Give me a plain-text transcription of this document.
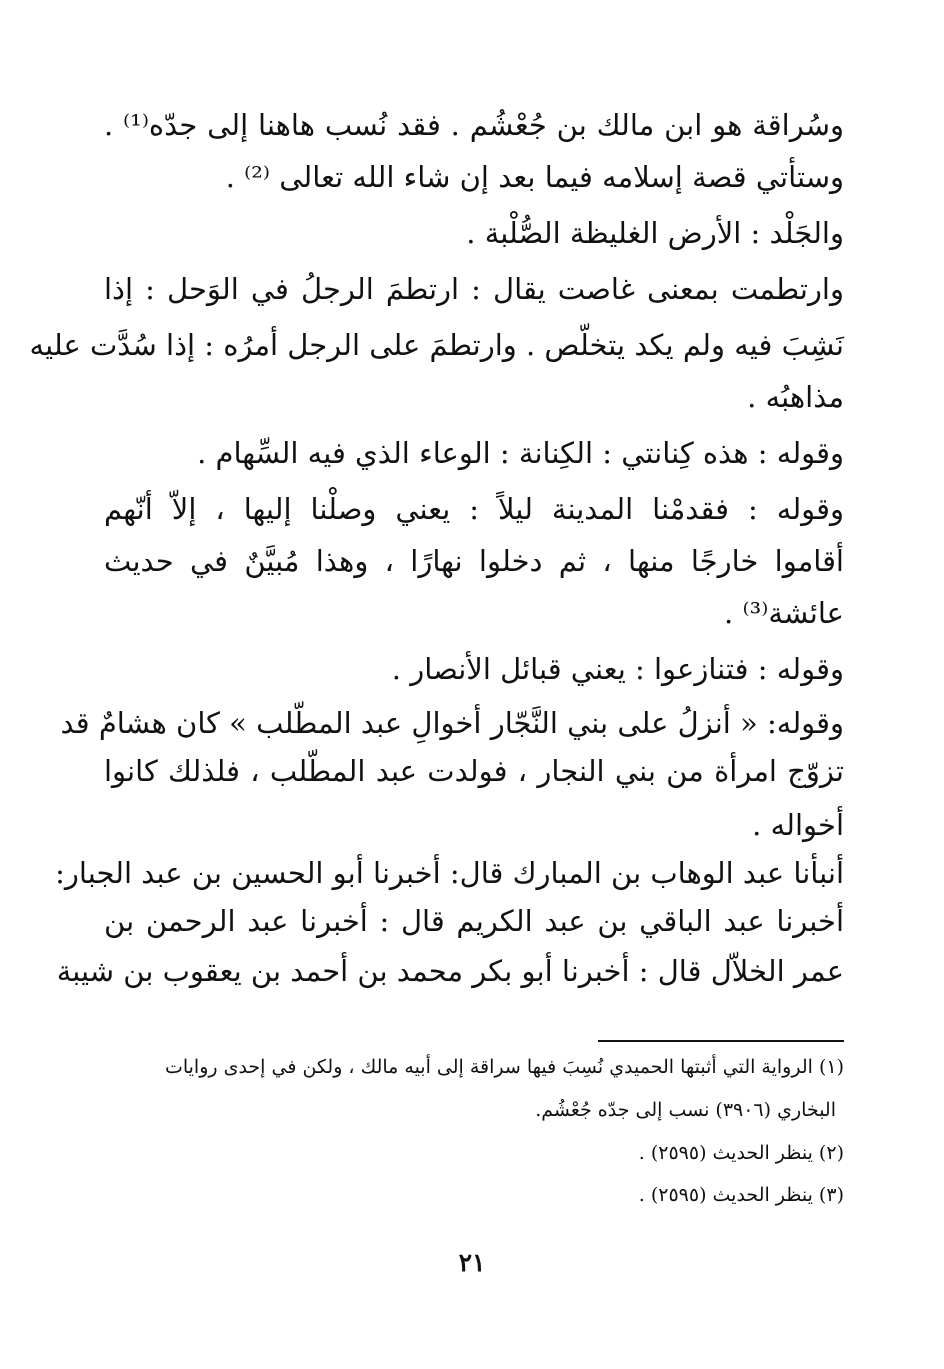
وسُراقة هو ابن مالك بن جُعْشُم . فقد نُسب هاهنا إلى جدّه⁽¹⁾ .
وستأتي قصة إسلامه فيما بعد إن شاء الله تعالى ⁽²⁾ .
والجَلْد : الأرض الغليظة الصُّلْبة .
وارتطمت بمعنى غاصت يقال : ارتطمَ الرجلُ في الوَحل : إذا
نَشِبَ فيه ولم يكد يتخلّص . وارتطمَ على الرجل أمرُه : إذا سُدَّت عليه
مذاهبُه .
وقوله : هذه كِنانتي : الكِنانة : الوعاء الذي فيه السِّهام .
وقوله : فقدمْنا المدينة ليلاً : يعني وصلْنا إليها ، إلاّ أنّهم
أقاموا خارجًا منها ، ثم دخلوا نهارًا ، وهذا مُبيَّنٌ في حديث
عائشة⁽³⁾ .
وقوله : فتنازعوا : يعني قبائل الأنصار .
وقوله: « أنزلُ على بني النَّجّار أخوالِ عبد المطّلب » كان هشامٌ قد
تزوّج امرأة من بني النجار ، فولدت عبد المطّلب ، فلذلك كانوا
أخواله .
أنبأنا عبد الوهاب بن المبارك قال: أخبرنا أبو الحسين بن عبد الجبار:
أخبرنا عبد الباقي بن عبد الكريم قال : أخبرنا عبد الرحمن بن
عمر الخلاّل قال : أخبرنا أبو بكر محمد بن أحمد بن يعقوب بن شيبة
(١) الرواية التي أثبتها الحميدي نُسِبَ فيها سراقة إلى أبيه مالك ، ولكن في إحدى روايات
البخاري (٣٩٠٦) نسب إلى جدّه جُعْشُم.
(٢) ينظر الحديث (٢٥٩٥) .
(٣) ينظر الحديث (٢٥٩٥) .
٢١
